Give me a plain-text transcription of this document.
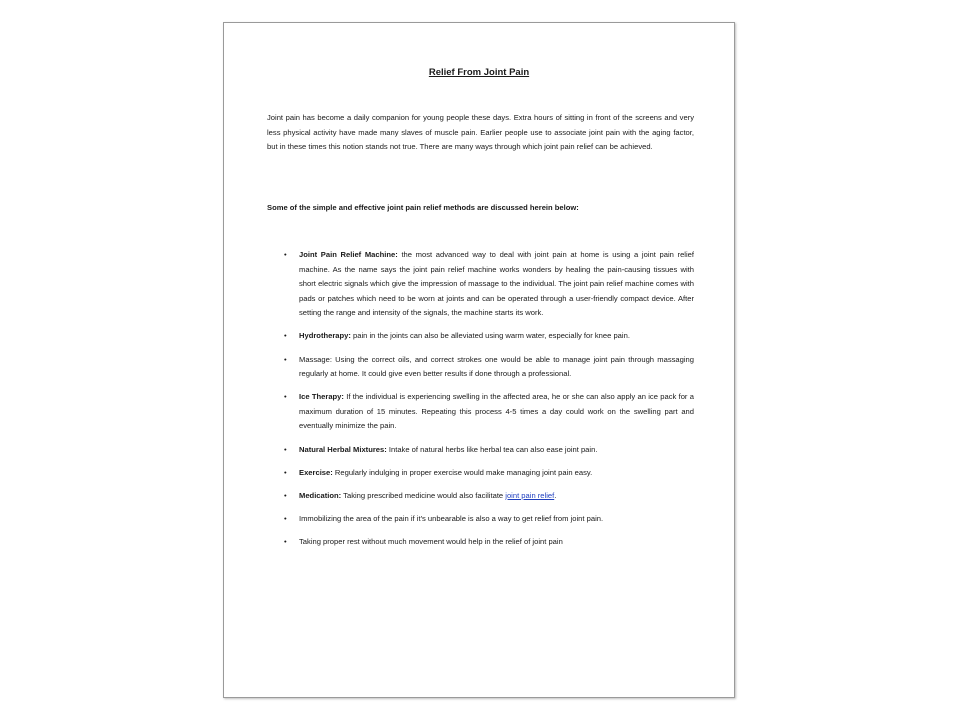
Relief From Joint Pain

Joint pain has become a daily companion for young people these days. Extra hours of sitting in front of the screens and very less physical activity have made many slaves of muscle pain. Earlier people use to associate joint pain with the aging factor, but in these times this notion stands not true. There are many ways through which joint pain relief can be achieved.

Some of the simple and effective joint pain relief methods are discussed herein below:

• Joint Pain Relief Machine: the most advanced way to deal with joint pain at home is using a joint pain relief machine. As the name says the joint pain relief machine works wonders by healing the pain-causing tissues with short electric signals which give the impression of massage to the individual. The joint pain relief machine comes with pads or patches which need to be worn at joints and can be operated through a user-friendly compact device. After setting the range and intensity of the signals, the machine starts its work.
• Hydrotherapy: pain in the joints can also be alleviated using warm water, especially for knee pain.
• Massage: Using the correct oils, and correct strokes one would be able to manage joint pain through massaging regularly at home. It could give even better results if done through a professional.
• Ice Therapy: If the individual is experiencing swelling in the affected area, he or she can also apply an ice pack for a maximum duration of 15 minutes. Repeating this process 4-5 times a day could work on the swelling part and eventually minimize the pain.
• Natural Herbal Mixtures: Intake of natural herbs like herbal tea can also ease joint pain.
• Exercise: Regularly indulging in proper exercise would make managing joint pain easy.
• Medication: Taking prescribed medicine would also facilitate joint pain relief.
• Immobilizing the area of the pain if it's unbearable is also a way to get relief from joint pain.
• Taking proper rest without much movement would help in the relief of joint pain
